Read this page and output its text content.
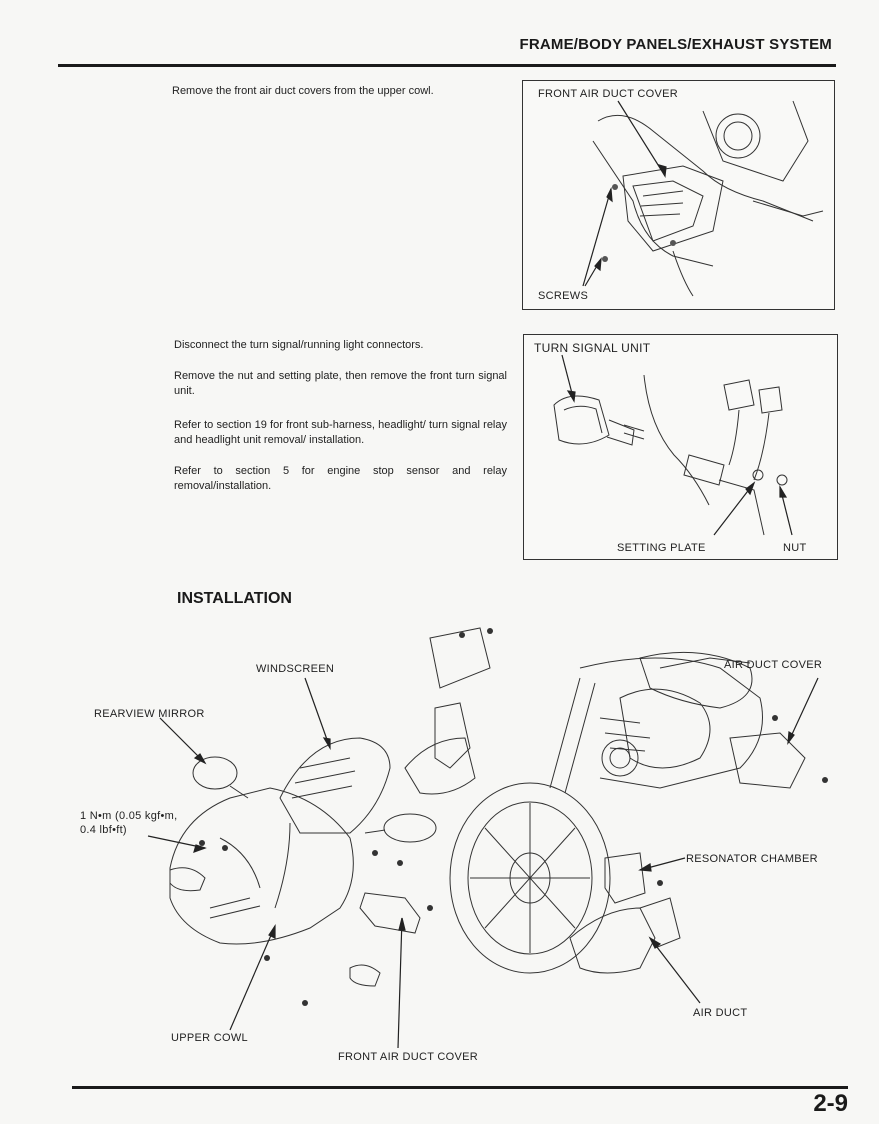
FRAME/BODY PANELS/EXHAUST SYSTEM
Remove the front air duct covers from the upper cowl.
Disconnect the turn signal/running light connectors.
Remove the nut and setting plate, then remove the front turn signal unit.
Refer to section 19 for front sub-harness, headlight/ turn signal relay and headlight unit removal/ installation.
Refer to section 5 for engine stop sensor and relay removal/installation.
FRONT AIR DUCT COVER
SCREWS
TURN SIGNAL UNIT
SETTING PLATE	NUT
INSTALLATION
WINDSCREEN
REARVIEW MIRROR
1 N•m (0.05 kgf•m,
0.4 lbf•ft)
UPPER COWL
FRONT AIR DUCT COVER
AIR DUCT COVER
RESONATOR CHAMBER
AIR DUCT
2-9
